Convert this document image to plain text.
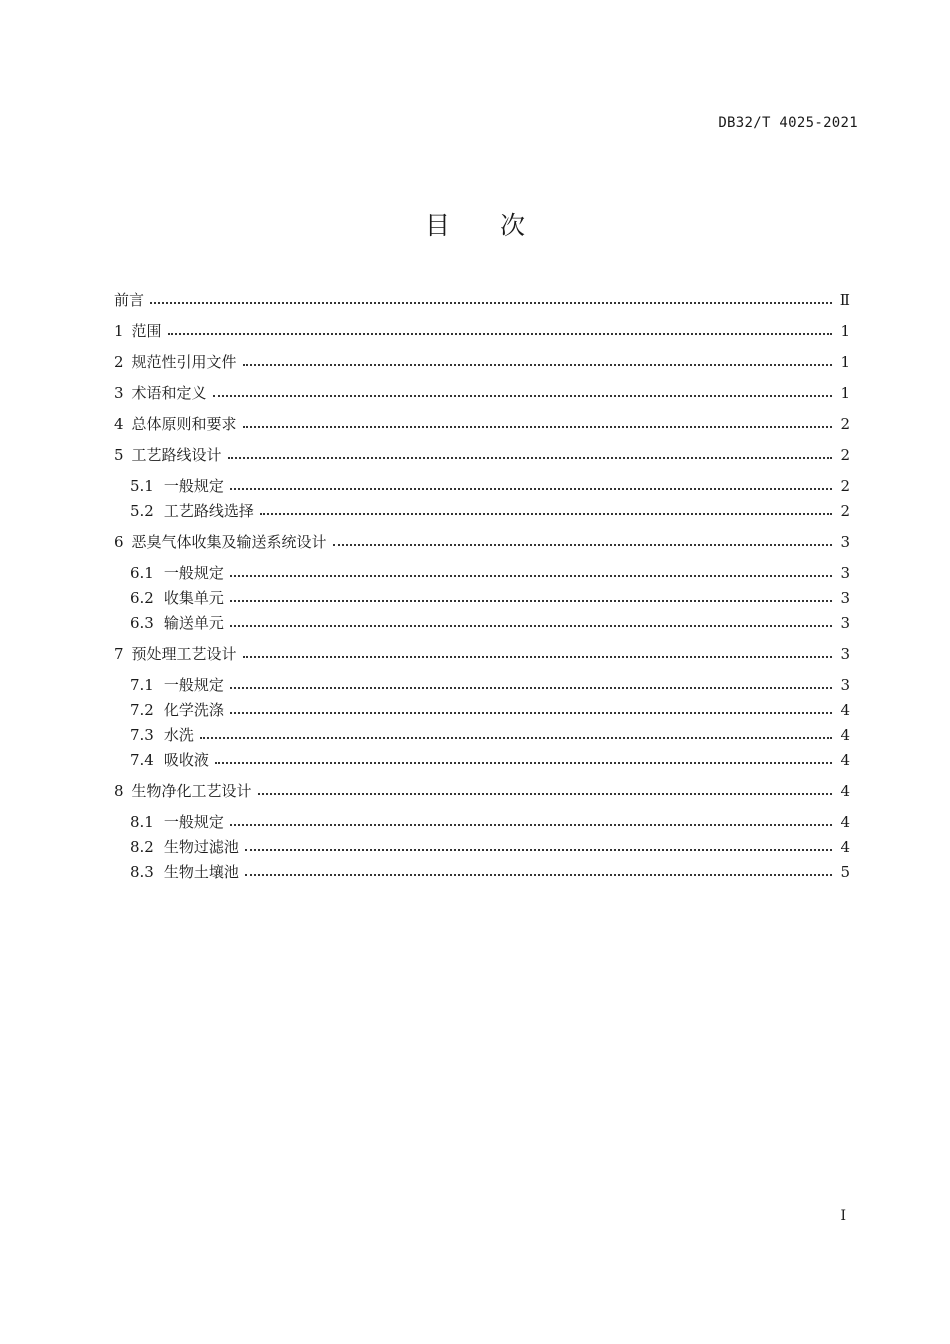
DB32/T 4025-2021
目次
前言	Ⅱ
1 范围	1
2 规范性引用文件	1
3 术语和定义	1
4 总体原则和要求	2
5 工艺路线设计	2
5.1 一般规定	2
5.2 工艺路线选择	2
6 恶臭气体收集及输送系统设计	3
6.1 一般规定	3
6.2 收集单元	3
6.3 输送单元	3
7 预处理工艺设计	3
7.1 一般规定	3
7.2 化学洗涤	4
7.3 水洗	4
7.4 吸收液	4
8 生物净化工艺设计	4
8.1 一般规定	4
8.2 生物过滤池	4
8.3 生物土壤池	5
I
